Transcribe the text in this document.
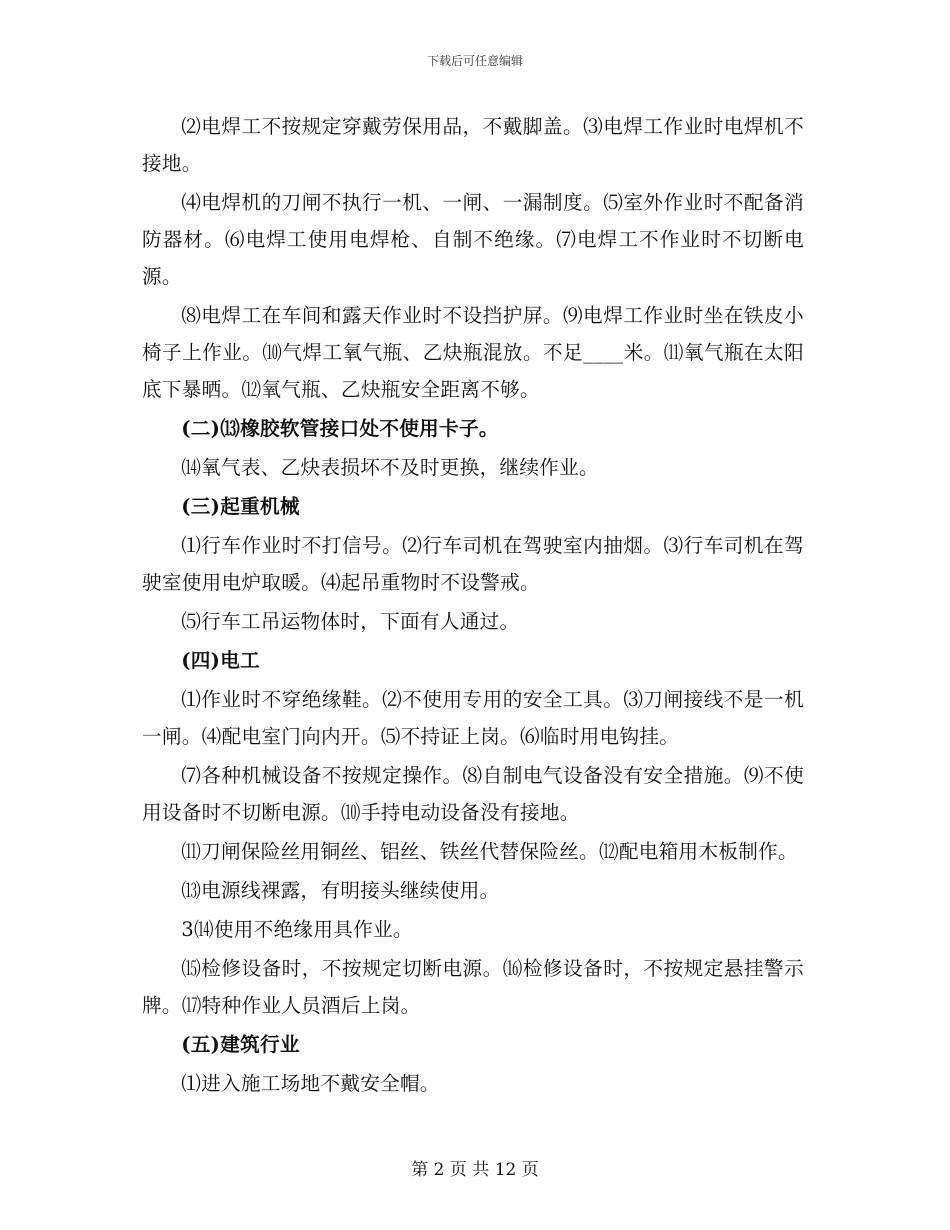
下载后可任意编辑

⑵电焊工不按规定穿戴劳保用品，不戴脚盖。⑶电焊工作业时电焊机不接地。

⑷电焊机的刀闸不执行一机、一闸、一漏制度。⑸室外作业时不配备消防器材。⑹电焊工使用电焊枪、自制不绝缘。⑺电焊工不作业时不切断电源。

⑻电焊工在车间和露天作业时不设挡护屏。⑼电焊工作业时坐在铁皮小椅子上作业。⑽气焊工氧气瓶、乙炔瓶混放。不足____米。⑾氧气瓶在太阳底下暴晒。⑿氧气瓶、乙炔瓶安全距离不够。

(二)⒀橡胶软管接口处不使用卡子。

⒁氧气表、乙炔表损坏不及时更换，继续作业。

(三)起重机械

⑴行车作业时不打信号。⑵行车司机在驾驶室内抽烟。⑶行车司机在驾驶室使用电炉取暖。⑷起吊重物时不设警戒。

⑸行车工吊运物体时，下面有人通过。

(四)电工

⑴作业时不穿绝缘鞋。⑵不使用专用的安全工具。⑶刀闸接线不是一机一闸。⑷配电室门向内开。⑸不持证上岗。⑹临时用电钩挂。

⑺各种机械设备不按规定操作。⑻自制电气设备没有安全措施。⑼不使用设备时不切断电源。⑽手持电动设备没有接地。

⑾刀闸保险丝用铜丝、铝丝、铁丝代替保险丝。⑿配电箱用木板制作。

⒀电源线裸露，有明接头继续使用。

3⒁使用不绝缘用具作业。

⒂检修设备时，不按规定切断电源。⒃检修设备时，不按规定悬挂警示牌。⒄特种作业人员酒后上岗。

(五)建筑行业

⑴进入施工场地不戴安全帽。

第 2 页 共 12 页
